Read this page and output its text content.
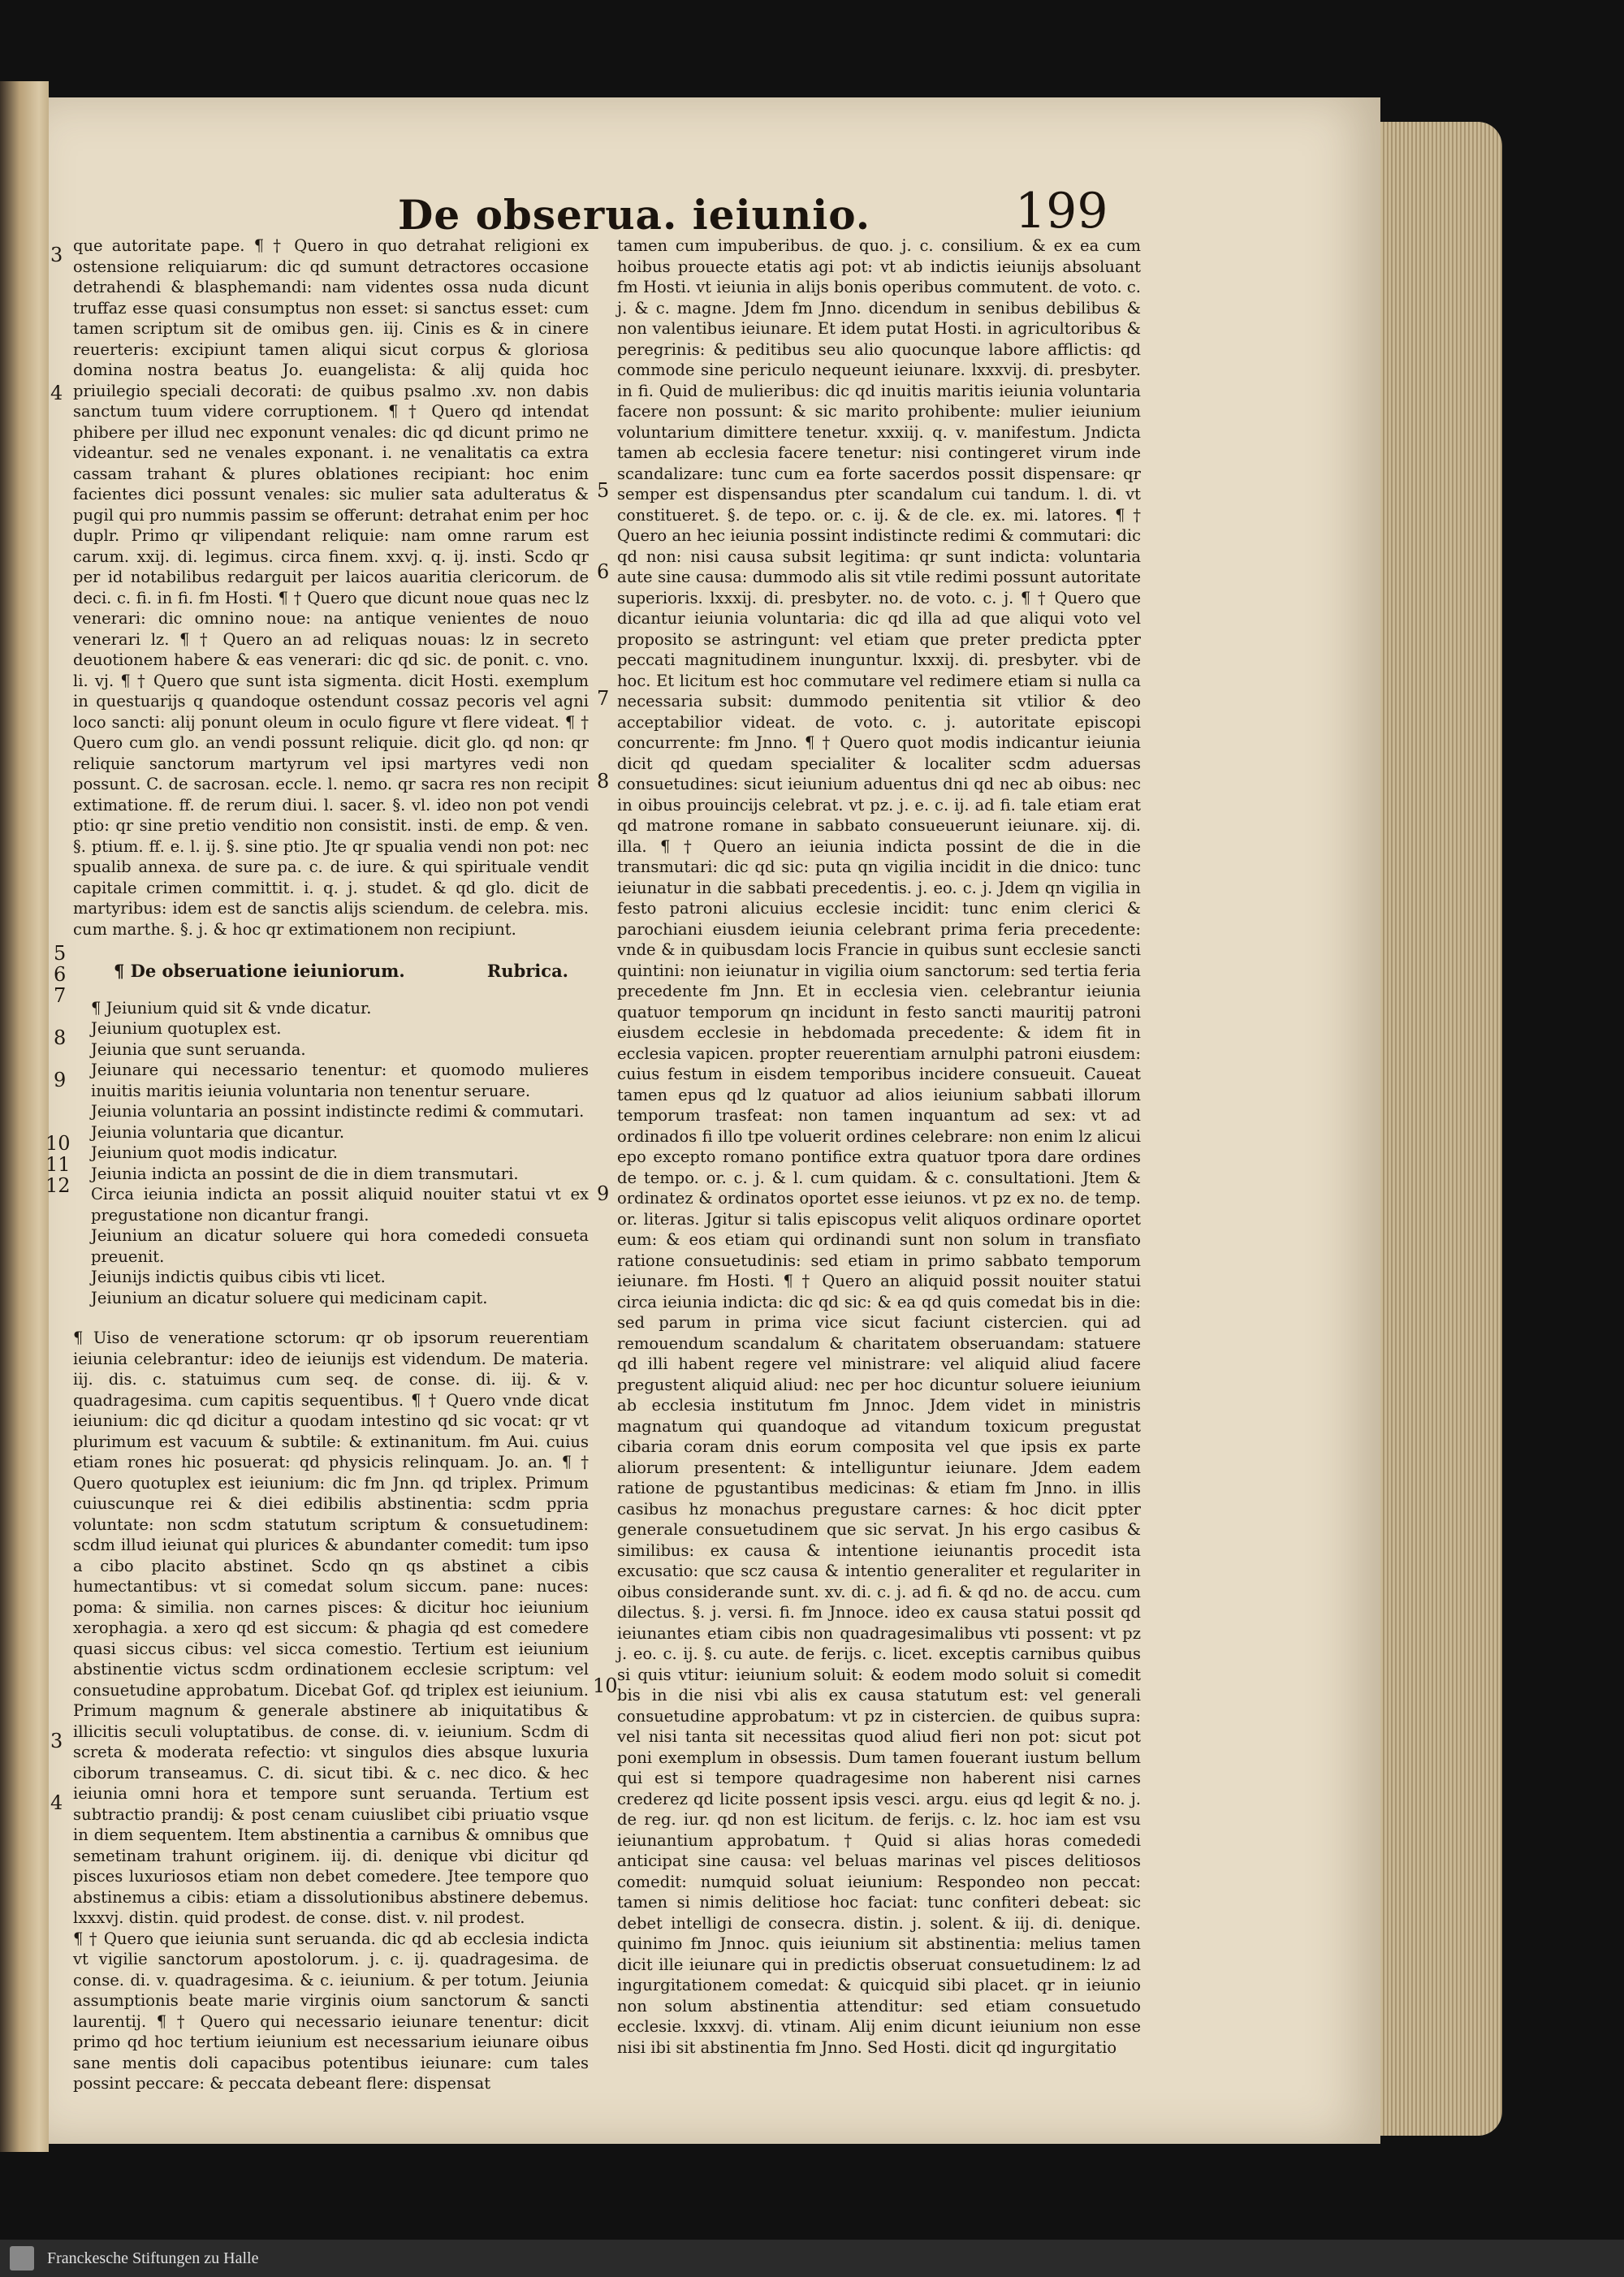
De obserua. ieiunio.	199

que autoritate pape. ¶ † Quero in quo detrahat religioni ex ostensione reliquiarum: dic qd sumunt detractores occasione detrahendi & blasphemandi: nam videntes ossa nuda dicunt truffaz esse quasi consumptus non esset: si sanctus esset: cum tamen scriptum sit de omibus gen. iij. Cinis es & in cinere reuerteris: excipiunt tamen aliqui sicut corpus & gloriosa domina nostra beatus Jo. euangelista: & alij quida hoc priuilegio speciali decorati: de quibus psalmo .xv. non dabis sanctum tuum videre corruptionem. ¶ † Quero qd intendat phibere per illud nec exponunt venales: dic qd dicunt primo ne videantur. sed ne venales exponant. i. ne venalitatis ca extra cassam trahant & plures oblationes recipiant: hoc enim facientes dici possunt venales: sic mulier sata adulteratus & pugil qui pro nummis passim se offerunt: detrahat enim per hoc duplr. Primo qr vilipendant reliquie: nam omne rarum est carum. xxij. di. legimus. circa finem. xxvj. q. ij. insti. Scdo qr per id notabilibus redarguit per laicos auaritia clericorum. de deci. c. fi. in fi. fm Hosti. ¶ † Quero que dicunt noue quas nec lz venerari: dic omnino noue: na antique venientes de nouo venerari lz. ¶ † Quero an ad reliquas nouas: lz in secreto deuotionem habere & eas venerari: dic qd sic. de ponit. c. vno. li. vj. ¶ † Quero que sunt ista sigmenta. dicit Hosti. exemplum in questuarijs q quandoque ostendunt cossaz pecoris vel agni loco sancti: alij ponunt oleum in oculo figure vt flere videat. ¶ † Quero cum glo. an vendi possunt reliquie. dicit glo. qd non: qr reliquie sanctorum martyrum vel ipsi martyres vedi non possunt. C. de sacrosan. eccle. l. nemo. qr sacra res non recipit extimatione. ff. de rerum diui. l. sacer. §. vl. ideo non pot vendi ptio: qr sine pretio venditio non consistit. insti. de emp. & ven. §. ptium. ff. e. l. ij. §. sine ptio. Jte qr spualia vendi non pot: nec spualib annexa. de sure pa. c. de iure. & qui spirituale vendit capitale crimen committit. i. q. j. studet. & qd glo. dicit de martyribus: idem est de sanctis alijs sciendum. de celebra. mis. cum marthe. §. j. & hoc qr extimationem non recipiunt.

¶ De obseruatione ieiuniorum.	Rubrica.
¶ Jeiunium quid sit & vnde dicatur.
Jeiunium quotuplex est.
Jeiunia que sunt seruanda.
Jeiunare qui necessario tenentur: et quomodo mulieres inuitis maritis ieiunia voluntaria non tenentur seruare.
Jeiunia voluntaria an possint indistincte redimi & commutari.
Jeiunia voluntaria que dicantur.
Jeiunium quot modis indicatur.
Jeiunia indicta an possint de die in diem transmutari.
Circa ieiunia indicta an possit aliquid nouiter statui vt ex pregustatione non dicantur frangi.
Jeiunium an dicatur soluere qui hora comededi consueta preuenit.
Jeiunijs indictis quibus cibis vti licet.
Jeiunium an dicatur soluere qui medicinam capit.

¶ Uiso de veneratione sctorum: qr ob ipsorum reuerentiam ieiunia celebrantur: ideo de ieiunijs est videndum. De materia. iij. dis. c. statuimus cum seq. de conse. di. iij. & v. quadragesima. cum capitis sequentibus. ¶ † Quero vnde dicat ieiunium: dic qd dicitur a quodam intestino qd sic vocat: qr vt plurimum est vacuum & subtile: & extinanitum. fm Aui. cuius etiam rones hic posuerat: qd physicis relinquam. Jo. an. ¶ † Quero quotuplex est ieiunium: dic fm Jnn. qd triplex. Primum cuiuscunque rei & diei edibilis abstinentia: scdm ppria voluntate: non scdm statutum scriptum & consuetudinem: scdm illud ieiunat qui plurices & abundanter comedit: tum ipso a cibo placito abstinet. Scdo qn qs abstinet a cibis humectantibus: vt si comedat solum siccum. pane: nuces: poma: & similia. non carnes pisces: & dicitur hoc ieiunium xerophagia. a xero qd est siccum: & phagia qd est comedere quasi siccus cibus: vel sicca comestio. Tertium est ieiunium abstinentie victus scdm ordinationem ecclesie scriptum: vel consuetudine approbatum. Dicebat Gof. qd triplex est ieiunium. Primum magnum & generale abstinere ab iniquitatibus & illicitis seculi voluptatibus. de conse. di. v. ieiunium. Scdm di screta & moderata refectio: vt singulos dies absque luxuria ciborum transeamus. C. di. sicut tibi. & c. nec dico. & hec ieiunia omni hora et tempore sunt seruanda. Tertium est subtractio prandij: & post cenam cuiuslibet cibi priuatio vsque in diem sequentem. Item abstinentia a carnibus & omnibus que semetinam trahunt originem. iij. di. denique vbi dicitur qd pisces luxuriosos etiam non debet comedere. Jtee tempore quo abstinemus a cibis: etiam a dissolutionibus abstinere debemus. lxxxvj. distin. quid prodest. de conse. dist. v. nil prodest.

¶ † Quero que ieiunia sunt seruanda. dic qd ab ecclesia indicta vt vigilie sanctorum apostolorum. j. c. ij. quadragesima. de conse. di. v. quadragesima. & c. ieiunium. & per totum. Jeiunia assumptionis beate marie virginis oium sanctorum & sancti laurentij. ¶ † Quero qui necessario ieiunare tenentur: dicit primo qd hoc tertium ieiunium est necessarium ieiunare oibus sane mentis doli capacibus potentibus ieiunare: cum tales possint peccare: & peccata debeant flere: dispensat

tamen cum impuberibus. de quo. j. c. consilium. & ex ea cum hoibus prouecte etatis agi pot: vt ab indictis ieiunijs absoluant fm Hosti. vt ieiunia in alijs bonis operibus commutent. de voto. c. j. & c. magne. Jdem fm Jnno. dicendum in senibus debilibus & non valentibus ieiunare. Et idem putat Hosti. in agricultoribus & peregrinis: & peditibus seu alio quocunque labore afflictis: qd commode sine periculo nequeunt ieiunare. lxxxvij. di. presbyter. in fi. Quid de mulieribus: dic qd inuitis maritis ieiunia voluntaria facere non possunt: & sic marito prohibente: mulier ieiunium voluntarium dimittere tenetur. xxxiij. q. v. manifestum. Jndicta tamen ab ecclesia facere tenetur: nisi contingeret virum inde scandalizare: tunc cum ea forte sacerdos possit dispensare: qr semper est dispensandus pter scandalum cui tandum. l. di. vt constitueret. §. de tepo. or. c. ij. & de cle. ex. mi. latores. ¶ † Quero an hec ieiunia possint indistincte redimi & commutari: dic qd non: nisi causa subsit legitima: qr sunt indicta: voluntaria aute sine causa: dummodo alis sit vtile redimi possunt autoritate superioris. lxxxij. di. presbyter. no. de voto. c. j. ¶ † Quero que dicantur ieiunia voluntaria: dic qd illa ad que aliqui voto vel proposito se astringunt: vel etiam que preter predicta ppter peccati magnitudinem inunguntur. lxxxij. di. presbyter. vbi de hoc. Et licitum est hoc commutare vel redimere etiam si nulla ca necessaria subsit: dummodo penitentia sit vtilior & deo acceptabilior videat. de voto. c. j. autoritate episcopi concurrente: fm Jnno. ¶ † Quero quot modis indicantur ieiunia dicit qd quedam specialiter & localiter scdm aduersas consuetudines: sicut ieiunium aduentus dni qd nec ab oibus: nec in oibus prouincijs celebrat. vt pz. j. e. c. ij. ad fi. tale etiam erat qd matrone romane in sabbato consueuerunt ieiunare. xij. di. illa. ¶ † Quero an ieiunia indicta possint de die in die transmutari: dic qd sic: puta qn vigilia incidit in die dnico: tunc ieiunatur in die sabbati precedentis. j. eo. c. j. Jdem qn vigilia in festo patroni alicuius ecclesie incidit: tunc enim clerici & parochiani eiusdem ieiunia celebrant prima feria precedente: vnde & in quibusdam locis Francie in quibus sunt ecclesie sancti quintini: non ieiunatur in vigilia oium sanctorum: sed tertia feria precedente fm Jnn. Et in ecclesia vien. celebrantur ieiunia quatuor temporum qn incidunt in festo sancti mauritij patroni eiusdem ecclesie in hebdomada precedente: & idem fit in ecclesia vapicen. propter reuerentiam arnulphi patroni eiusdem: cuius festum in eisdem temporibus incidere consueuit. Caueat tamen epus qd lz quatuor ad alios ieiunium sabbati illorum temporum trasfeat: non tamen inquantum ad sex: vt ad ordinados fi illo tpe voluerit ordines celebrare: non enim lz alicui epo excepto romano pontifice extra quatuor tpora dare ordines de tempo. or. c. j. & l. cum quidam. & c. consultationi. Jtem & ordinatez & ordinatos oportet esse ieiunos. vt pz ex no. de temp. or. literas. Jgitur si talis episcopus velit aliquos ordinare oportet eum: & eos etiam qui ordinandi sunt non solum in transfiato ratione consuetudinis: sed etiam in primo sabbato temporum ieiunare. fm Hosti. ¶ † Quero an aliquid possit nouiter statui circa ieiunia indicta: dic qd sic: & ea qd quis comedat bis in die: sed parum in prima vice sicut faciunt cistercien. qui ad remouendum scandalum & charitatem obseruandam: statuere qd illi habent regere vel ministrare: vel aliquid aliud facere pregustent aliquid aliud: nec per hoc dicuntur soluere ieiunium ab ecclesia institutum fm Jnnoc. Jdem videt in ministris magnatum qui quandoque ad vitandum toxicum pregustat cibaria coram dnis eorum composita vel que ipsis ex parte aliorum presentent: & intelliguntur ieiunare. Jdem eadem ratione de pgustantibus medicinas: & etiam fm Jnno. in illis casibus hz monachus pregustare carnes: & hoc dicit ppter generale consuetudinem que sic servat. Jn his ergo casibus & similibus: ex causa & intentione ieiunantis procedit ista excusatio: que scz causa & intentio generaliter et regulariter in oibus considerande sunt. xv. di. c. j. ad fi. & qd no. de accu. cum dilectus. §. j. versi. fi. fm Jnnoce. ideo ex causa statui possit qd ieiunantes etiam cibis non quadragesimalibus vti possent: vt pz j. eo. c. ij. §. cu aute. de ferijs. c. licet. exceptis carnibus quibus si quis vtitur: ieiunium soluit: & eodem modo soluit si comedit bis in die nisi vbi alis ex causa statutum est: vel generali consuetudine approbatum: vt pz in cistercien. de quibus supra: vel nisi tanta sit necessitas quod aliud fieri non pot: sicut pot poni exemplum in obsessis. Dum tamen fouerant iustum bellum qui est si tempore quadragesime non haberent nisi carnes crederez qd licite possent ipsis vesci. argu. eius qd legit & no. j. de reg. iur. qd non est licitum. de ferijs. c. lz. hoc iam est vsu ieiunantium approbatum. † Quid si alias horas comededi anticipat sine causa: vel beluas marinas vel pisces delitiosos comedit: numquid soluat ieiunium: Respondeo non peccat: tamen si nimis delitiose hoc faciat: tunc confiteri debeat: sic debet intelligi de consecra. distin. j. solent. & iij. di. denique. quinimo fm Jnnoc. quis ieiunium sit abstinentia: melius tamen dicit ille ieiunare qui in predictis obseruat consuetudinem: lz ad ingurgitationem comedat: & quicquid sibi placet. qr in ieiunio non solum abstinentia attenditur: sed etiam consuetudo ecclesie. lxxxvj. di. vtinam. Alij enim dicunt ieiunium non esse nisi ibi sit abstinentia fm Jnno. Sed Hosti. dicit qd ingurgitatio

3
4
5
6
7
8
9
10
11
12
3
4
5
6
7
8
9
10
Franckesche Stiftungen zu Halle
